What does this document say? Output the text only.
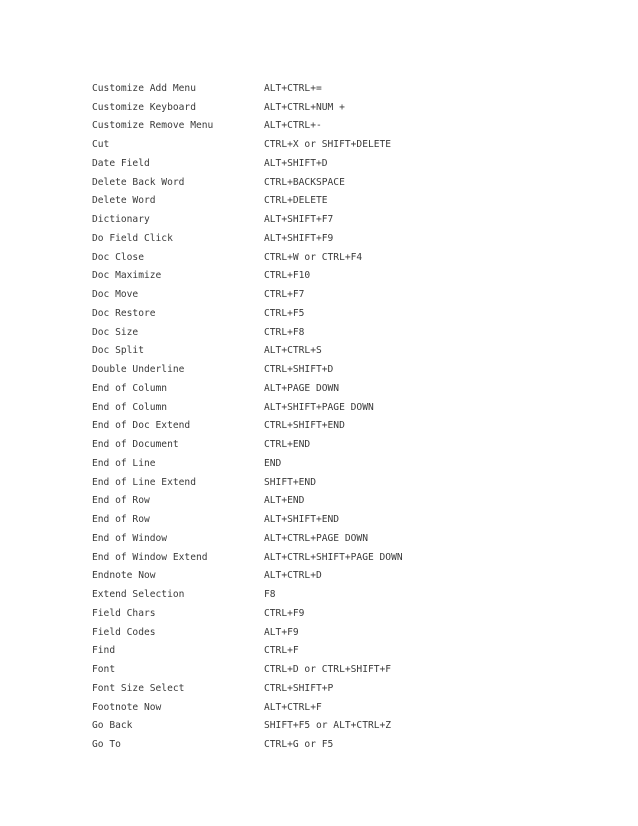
Customize Add Menu	ALT+CTRL+=
Customize Keyboard	ALT+CTRL+NUM +
Customize Remove Menu	ALT+CTRL+-
Cut	CTRL+X or SHIFT+DELETE
Date Field	ALT+SHIFT+D
Delete Back Word	CTRL+BACKSPACE
Delete Word	CTRL+DELETE
Dictionary	ALT+SHIFT+F7
Do Field Click	ALT+SHIFT+F9
Doc Close	CTRL+W or CTRL+F4
Doc Maximize	CTRL+F10
Doc Move	CTRL+F7
Doc Restore	CTRL+F5
Doc Size	CTRL+F8
Doc Split	ALT+CTRL+S
Double Underline	CTRL+SHIFT+D
End of Column	ALT+PAGE DOWN
End of Column	ALT+SHIFT+PAGE DOWN
End of Doc Extend	CTRL+SHIFT+END
End of Document	CTRL+END
End of Line	END
End of Line Extend	SHIFT+END
End of Row	ALT+END
End of Row	ALT+SHIFT+END
End of Window	ALT+CTRL+PAGE DOWN
End of Window Extend	ALT+CTRL+SHIFT+PAGE DOWN
Endnote Now	ALT+CTRL+D
Extend Selection	F8
Field Chars	CTRL+F9
Field Codes	ALT+F9
Find	CTRL+F
Font	CTRL+D or CTRL+SHIFT+F
Font Size Select	CTRL+SHIFT+P
Footnote Now	ALT+CTRL+F
Go Back	SHIFT+F5 or ALT+CTRL+Z
Go To	CTRL+G or F5
